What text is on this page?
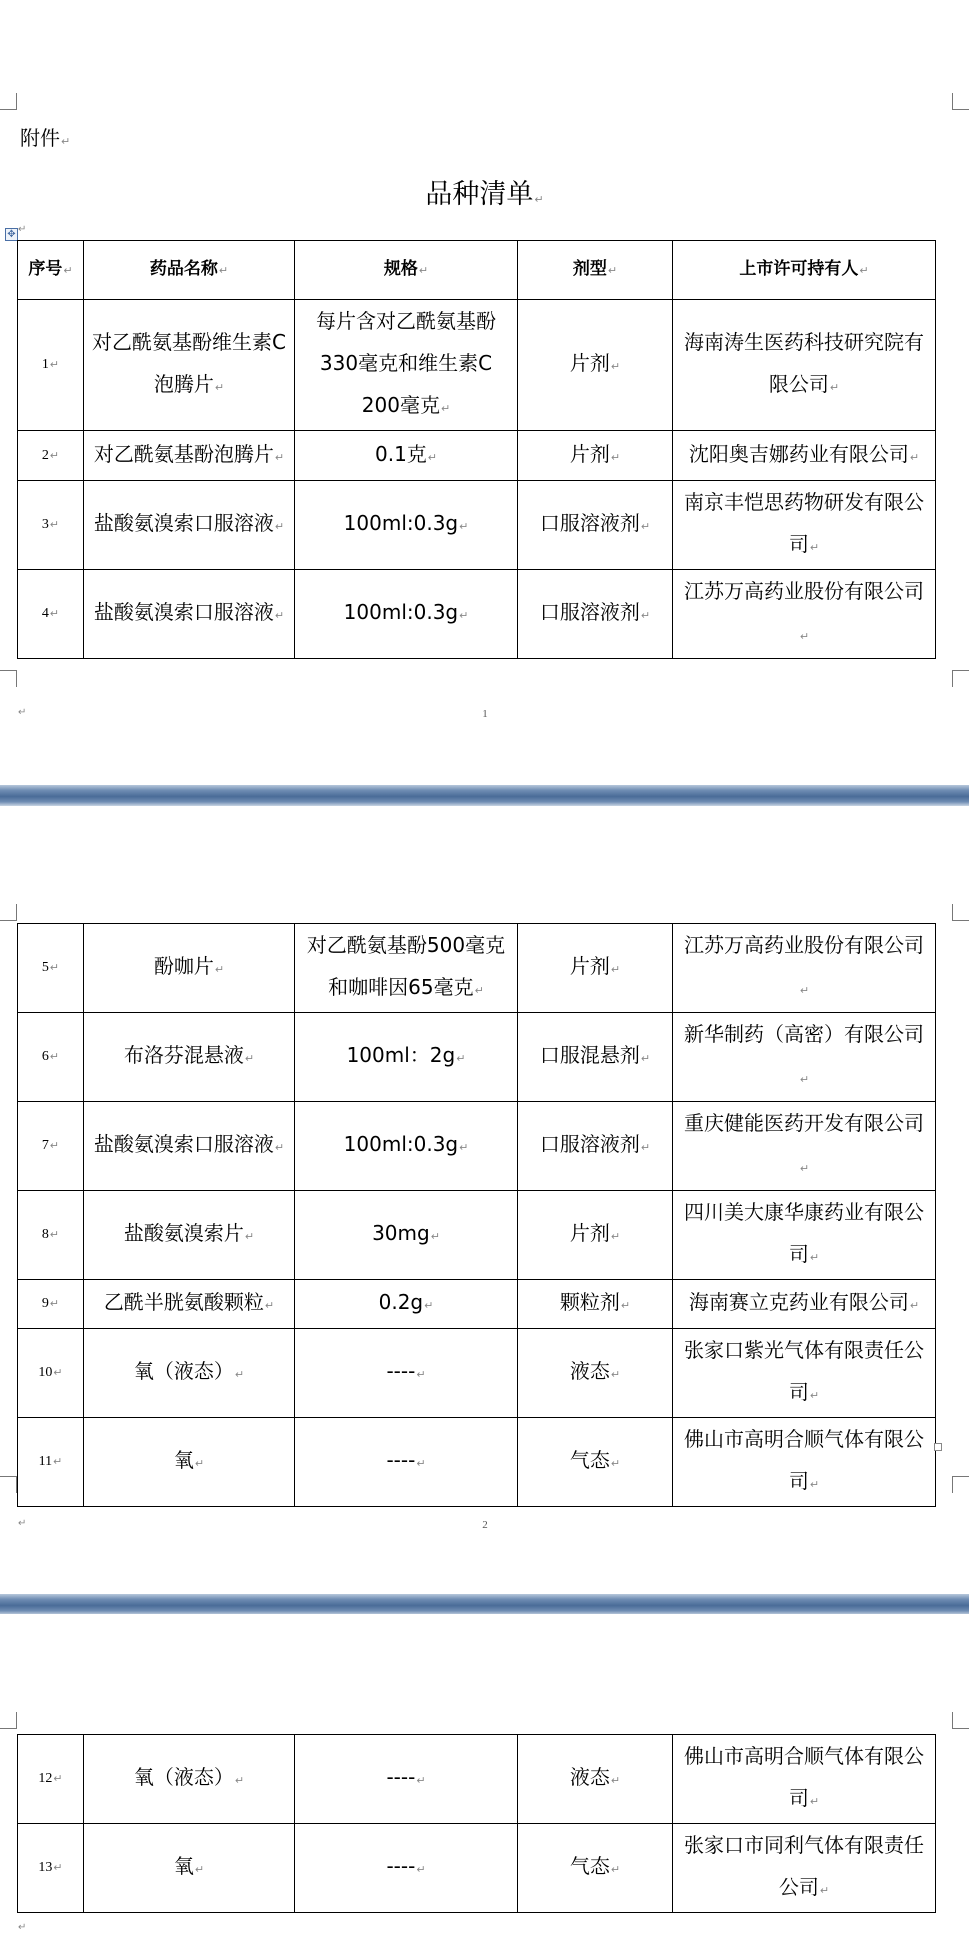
附件↵
品种清单↵
✥ ↵
序号↵	药品名称↵	规格↵	剂型↵	上市许可持有人↵
1↵	对乙酰氨基酚维生素C泡腾片↵	每片含对乙酰氨基酚330毫克和维生素C 200毫克↵	片剂↵	海南涛生医药科技研究院有限公司↵
2↵	对乙酰氨基酚泡腾片↵	0.1克↵	片剂↵	沈阳奥吉娜药业有限公司↵
3↵	盐酸氨溴索口服溶液↵	100ml:0.3g↵	口服溶液剂↵	南京丰恺思药物研发有限公司↵
4↵	盐酸氨溴索口服溶液↵	100ml:0.3g↵	口服溶液剂↵	江苏万高药业股份有限公司↵
↵	1
5↵	酚咖片↵	对乙酰氨基酚500毫克和咖啡因65毫克↵	片剂↵	江苏万高药业股份有限公司↵
6↵	布洛芬混悬液↵	100ml：2g↵	口服混悬剂↵	新华制药（高密）有限公司↵
7↵	盐酸氨溴索口服溶液↵	100ml:0.3g↵	口服溶液剂↵	重庆健能医药开发有限公司↵
8↵	盐酸氨溴索片↵	30mg↵	片剂↵	四川美大康华康药业有限公司↵
9↵	乙酰半胱氨酸颗粒↵	0.2g↵	颗粒剂↵	海南赛立克药业有限公司↵
10↵	氧（液态）↵	----↵	液态↵	张家口紫光气体有限责任公司↵
11↵	氧↵	----↵	气态↵	佛山市高明合顺气体有限公司↵
↵	2
12↵	氧（液态）↵	----↵	液态↵	佛山市高明合顺气体有限公司↵
13↵	氧↵	----↵	气态↵	张家口市同利气体有限责任公司↵
↵
